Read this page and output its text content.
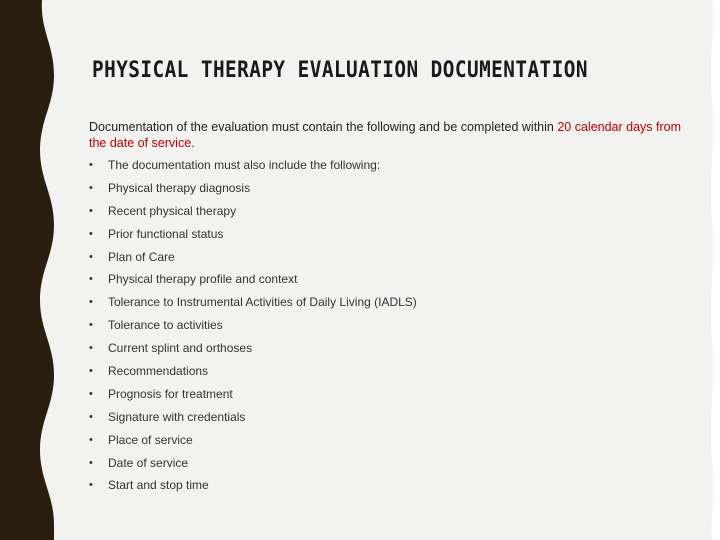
PHYSICAL THERAPY EVALUATION DOCUMENTATION
Documentation of the evaluation must contain the following and be completed within 20 calendar days from the date of service.
• The documentation must also include the following:
• Physical therapy diagnosis
• Recent physical therapy
• Prior functional status
• Plan of Care
• Physical therapy profile and context
• Tolerance to Instrumental Activities of Daily Living (IADLS)
• Tolerance to activities
• Current splint and orthoses
• Recommendations
• Prognosis for treatment
• Signature with credentials
• Place of service
• Date of service
• Start and stop time
